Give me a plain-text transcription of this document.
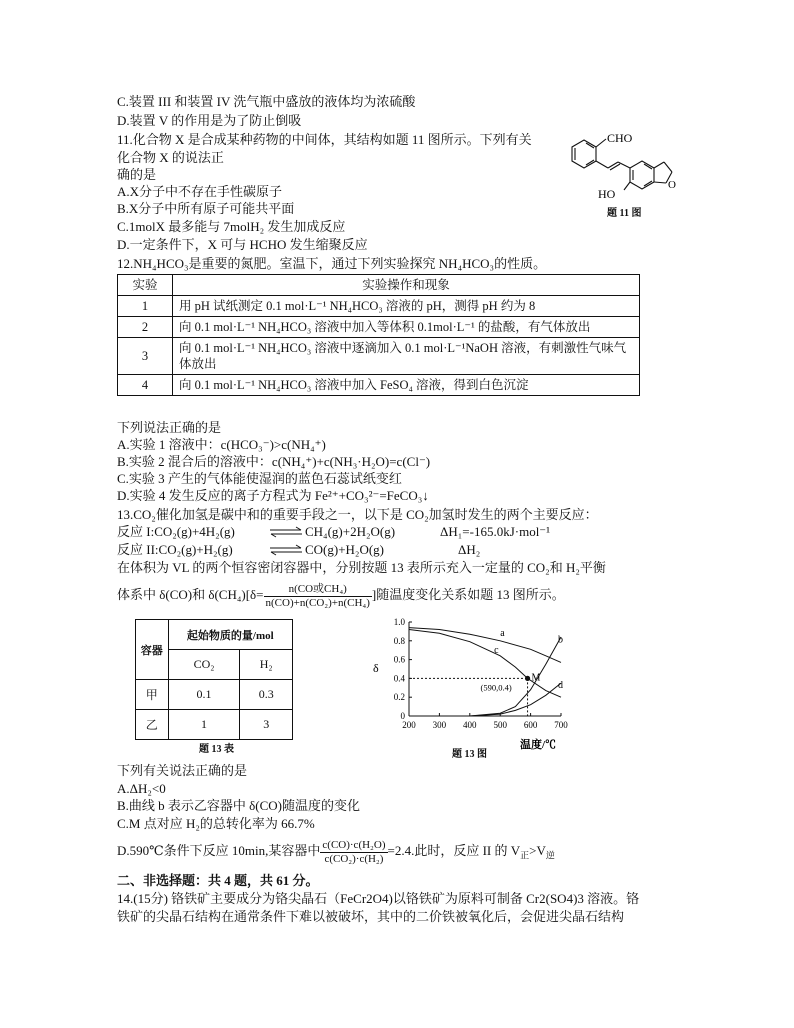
C.装置 III 和装置 IV 洗气瓶中盛放的液体均为浓硫酸
D.装置 V 的作用是为了防止倒吸
11.化合物 X 是合成某种药物的中间体，其结构如题 11 图所示。下列有关
化合物 X 的说法正
确的是
A.X分子中不存在手性碳原子
B.X分子中所有原子可能共平面
C.1molX 最多能与 7molH₂ 发生加成反应
D.一定条件下，X 可与 HCHO 发生缩聚反应
CHO
O
HO
题 11 图
12.NH₄HCO₃是重要的氮肥。室温下，通过下列实验探究 NH₄HCO₃的性质。
实验	实验操作和现象
1	用 pH 试纸测定 0.1 mol·L⁻¹ NH₄HCO₃ 溶液的 pH，测得 pH 约为 8
2	向 0.1 mol·L⁻¹ NH₄HCO₃ 溶液中加入等体积 0.1mol·L⁻¹ 的盐酸，有气体放出
3	向 0.1 mol·L⁻¹ NH₄HCO₃ 溶液中逐滴加入 0.1 mol·L⁻¹NaOH 溶液，有刺激性气味气体放出
4	向 0.1 mol·L⁻¹ NH₄HCO₃ 溶液中加入 FeSO₄ 溶液，得到白色沉淀
下列说法正确的是
A.实验 1 溶液中：c(HCO₃⁻)>c(NH₄⁺)
B.实验 2 混合后的溶液中：c(NH₄⁺)+c(NH₃·H₂O)=c(Cl⁻)
C.实验 3 产生的气体能使湿润的蓝色石蕊试纸变红
D.实验 4 发生反应的离子方程式为 Fe²⁺+CO₃²⁻=FeCO₃↓
13.CO₂催化加氢是碳中和的重要手段之一，以下是 CO₂加氢时发生的两个主要反应：
反应 I:CO₂(g)+4H₂(g)	⇌ CH₄(g)+2H₂O(g)	ΔH₁=-165.0kJ·mol⁻¹
反应 II:CO₂(g)+H₂(g)	⇌ CO(g)+H₂O(g)	ΔH₂
在体积为 VL 的两个恒容密闭容器中，分别按题 13 表所示充入一定量的 CO₂和 H₂平衡
体系中 δ(CO)和 $\delta(CH_4)[\delta= \frac{\text{n(CO或CH₄)}}{\text{n(CO)+n(CO₂)+n(CH₄)}}$ ]随温度变化关系如题 13 图所示。
容器	起始物质的量/mol	
	CO₂	H₂
甲	0.1	0.3
乙	1	3
题 13 表
δ
温度/℃
200 300 400 500 600 700
0
0.2
0.4
0.6
0.8
1.0
a
b
c
d
M
(590,0.4)
题 13 图
下列有关说法正确的是
A.ΔH₂<0
B.曲线 b 表示乙容器中 δ(CO)随温度的变化
C.M 点对应 H₂的总转化率为 66.7%
D.590℃条件下反应 10min,某容器中 $\frac{\text{c(CO)·c(H₂O)}}{\text{c(CO₂)·c(H₂)}} =2.4$.此时，反应 II 的 $V_正>V_逆$
二、非选择题：共 4 题，共 61 分。
14.(15分) 铬铁矿主要成分为铬尖晶石（FeCr2O4)以铬铁矿为原料可制备 Cr2(SO4)3 溶液。铬
铁矿的尖晶石结构在通常条件下难以被破坏，其中的二价铁被氧化后，会促进尖晶石结构
